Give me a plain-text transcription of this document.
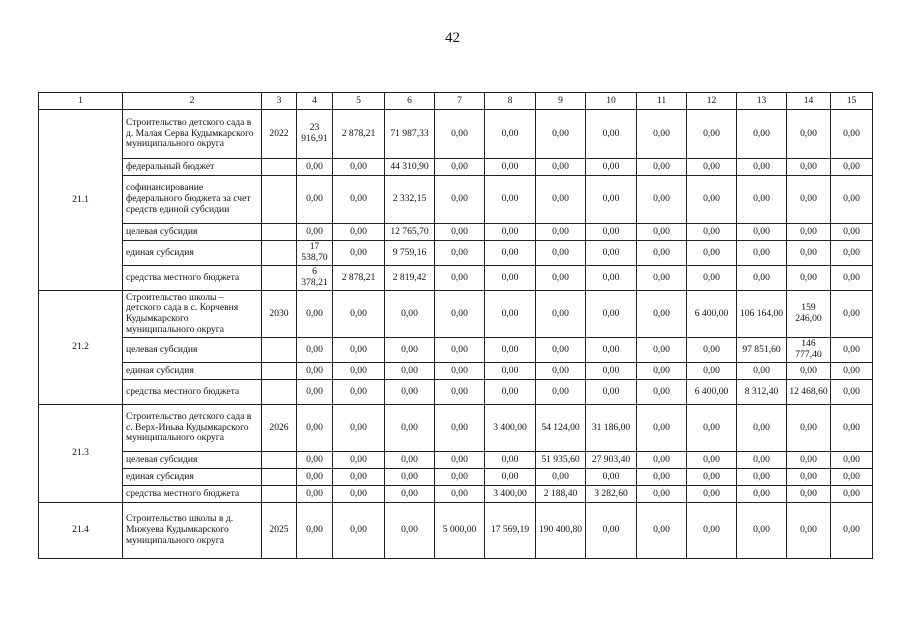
42
1	2	3	4	5	6	7	8	9	10	11	12	13	14	15
21.1	Строительство детского сада в д. Малая Серва Кудымкарского муниципального округа	2022	23 916,91	2 878,21	71 987,33	0,00	0,00	0,00	0,00	0,00	0,00	0,00	0,00	0,00
	федеральный бюджет		0,00	0,00	44 310,90	0,00	0,00	0,00	0,00	0,00	0,00	0,00	0,00	0,00
	софинансирование федерального бюджета за счет средств единой субсидии		0,00	0,00	2 332,15	0,00	0,00	0,00	0,00	0,00	0,00	0,00	0,00	0,00
	целевая субсидия		0,00	0,00	12 765,70	0,00	0,00	0,00	0,00	0,00	0,00	0,00	0,00	0,00
	единая субсидия		17 538,70	0,00	9 759,16	0,00	0,00	0,00	0,00	0,00	0,00	0,00	0,00	0,00
	средства местного бюджета		6 378,21	2 878,21	2 819,42	0,00	0,00	0,00	0,00	0,00	0,00	0,00	0,00	0,00
21.2	Строительство школы – детского сада в с. Корчевня Кудымкарского муниципального округа	2030	0,00	0,00	0,00	0,00	0,00	0,00	0,00	0,00	6 400,00	106 164,00	159 246,00	0,00
	целевая субсидия		0,00	0,00	0,00	0,00	0,00	0,00	0,00	0,00	0,00	97 851,60	146 777,40	0,00
	единая субсидия		0,00	0,00	0,00	0,00	0,00	0,00	0,00	0,00	0,00	0,00	0,00	0,00
	средства местного бюджета		0,00	0,00	0,00	0,00	0,00	0,00	0,00	0,00	6 400,00	8 312,40	12 468,60	0,00
21.3	Строительство детского сада в с. Верх-Иньва Кудымкарского муниципального округа	2026	0,00	0,00	0,00	0,00	3 400,00	54 124,00	31 186,00	0,00	0,00	0,00	0,00	0,00
	целевая субсидия		0,00	0,00	0,00	0,00	0,00	51 935,60	27 903,40	0,00	0,00	0,00	0,00	0,00
	единая субсидия		0,00	0,00	0,00	0,00	0,00	0,00	0,00	0,00	0,00	0,00	0,00	0,00
	средства местного бюджета		0,00	0,00	0,00	0,00	3 400,00	2 188,40	3 282,60	0,00	0,00	0,00	0,00	0,00
21.4	Строительство школы в д. Мижуева Кудымкарского муниципального округа	2025	0,00	0,00	0,00	5 000,00	17 569,19	190 400,80	0,00	0,00	0,00	0,00	0,00	0,00
